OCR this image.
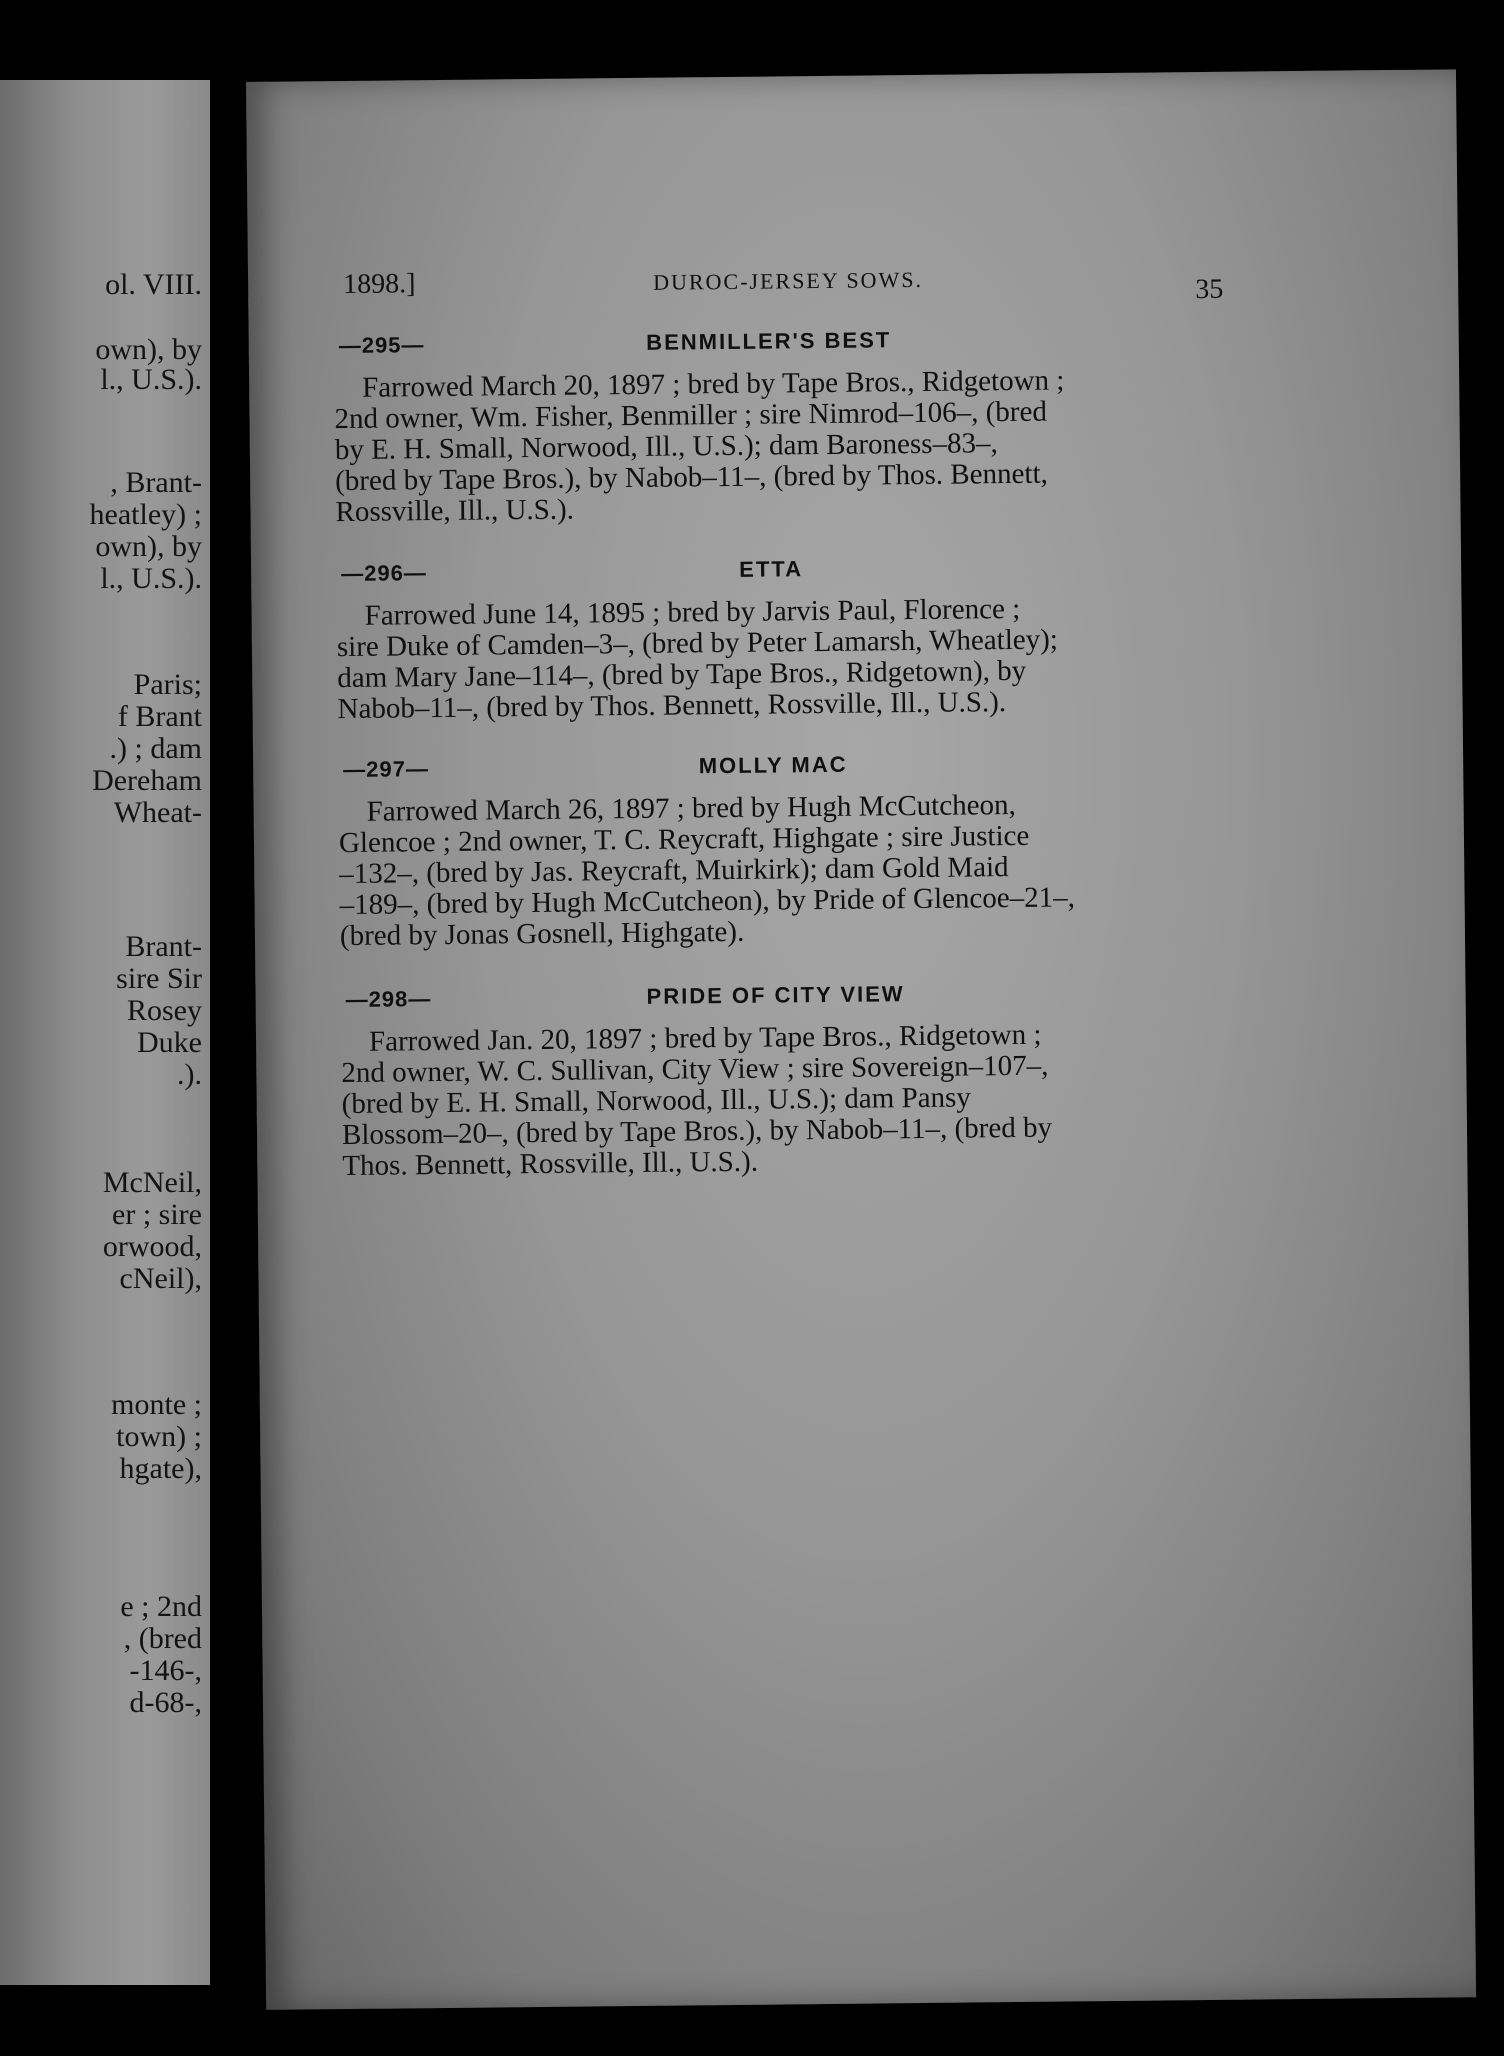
ol. VIII.
own), by
l., U.S.).
, Brant-
heatley) ;
own), by
l., U.S.).
Paris;
f Brant
.) ; dam
Dereham
Wheat-
Brant-
sire Sir
Rosey
Duke
.).
McNeil,
er ; sire
orwood,
cNeil),
monte ;
town) ;
hgate),
e ; 2nd
, (bred
-146-,
d-68-,
1898.]	DUROC-JERSEY SOWS.	35
—295—	BENMILLER'S BEST
Farrowed March 20, 1897 ; bred by Tape Bros., Ridgetown ;
2nd owner, Wm. Fisher, Benmiller ; sire Nimrod–106–, (bred
by E. H. Small, Norwood, Ill., U.S.); dam Baroness–83–,
(bred by Tape Bros.), by Nabob–11–, (bred by Thos. Bennett,
Rossville, Ill., U.S.).
—296—	ETTA
Farrowed June 14, 1895 ; bred by Jarvis Paul, Florence ;
sire Duke of Camden–3–, (bred by Peter Lamarsh, Wheatley);
dam Mary Jane–114–, (bred by Tape Bros., Ridgetown), by
Nabob–11–, (bred by Thos. Bennett, Rossville, Ill., U.S.).
—297—	MOLLY MAC
Farrowed March 26, 1897 ; bred by Hugh McCutcheon,
Glencoe ; 2nd owner, T. C. Reycraft, Highgate ; sire Justice
–132–, (bred by Jas. Reycraft, Muirkirk); dam Gold Maid
–189–, (bred by Hugh McCutcheon), by Pride of Glencoe–21–,
(bred by Jonas Gosnell, Highgate).
—298—	PRIDE OF CITY VIEW
Farrowed Jan. 20, 1897 ; bred by Tape Bros., Ridgetown ;
2nd owner, W. C. Sullivan, City View ; sire Sovereign–107–,
(bred by E. H. Small, Norwood, Ill., U.S.); dam Pansy
Blossom–20–, (bred by Tape Bros.), by Nabob–11–, (bred by
Thos. Bennett, Rossville, Ill., U.S.).
